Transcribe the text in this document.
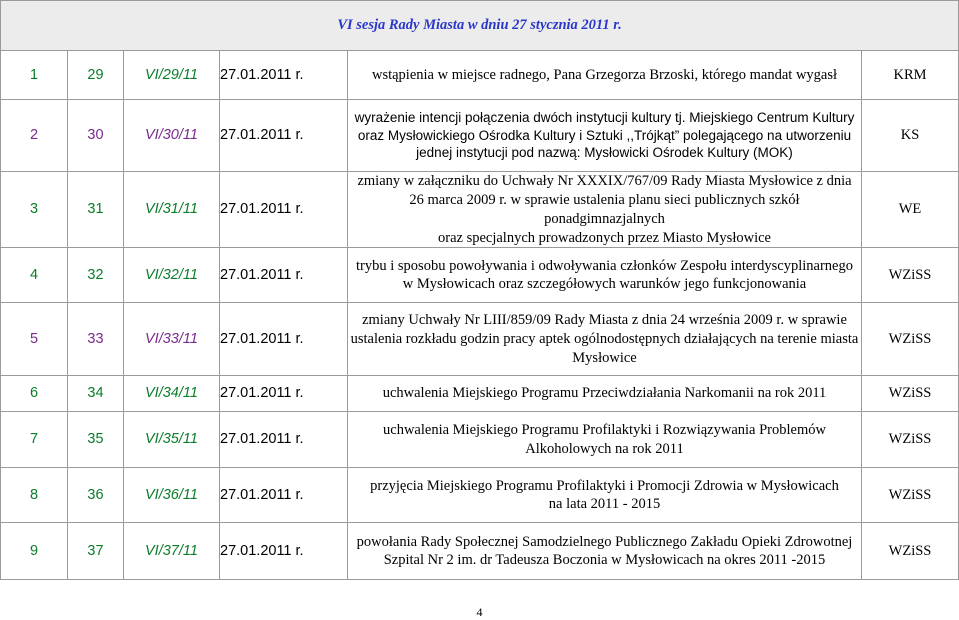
VI sesja Rady Miasta w dniu 27 stycznia 2011 r.					
1	29	VI/29/11	27.01.2011 r.	wstąpienia w miejsce radnego, Pana Grzegorza Brzoski, którego mandat wygasł	KRM
2	30	VI/30/11	27.01.2011 r.	wyrażenie intencji połączenia dwóch instytucji kultury tj. Miejskiego Centrum Kultury
oraz Mysłowickiego Ośrodka Kultury i Sztuki ,,Trójkąt” polegającego na utworzeniu
jednej instytucji pod nazwą: Mysłowicki Ośrodek Kultury (MOK)	KS
3	31	VI/31/11	27.01.2011 r.	zmiany w załączniku do Uchwały Nr XXXIX/767/09 Rady Miasta Mysłowice z dnia
26 marca 2009 r. w sprawie ustalenia planu sieci publicznych szkół ponadgimnazjalnych
oraz specjalnych prowadzonych przez Miasto Mysłowice	WE
4	32	VI/32/11	27.01.2011 r.	trybu i sposobu powoływania i odwoływania członków Zespołu interdyscyplinarnego
w Mysłowicach oraz szczegółowych warunków jego funkcjonowania	WZiSS
5	33	VI/33/11	27.01.2011 r.	zmiany Uchwały Nr LIII/859/09 Rady Miasta z dnia 24 września 2009 r. w sprawie
ustalenia rozkładu godzin pracy aptek ogólnodostępnych działających na terenie miasta
Mysłowice	WZiSS
6	34	VI/34/11	27.01.2011 r.	uchwalenia Miejskiego Programu Przeciwdziałania Narkomanii na rok 2011	WZiSS
7	35	VI/35/11	27.01.2011 r.	uchwalenia Miejskiego Programu Profilaktyki i Rozwiązywania Problemów
Alkoholowych na rok 2011	WZiSS
8	36	VI/36/11	27.01.2011 r.	przyjęcia Miejskiego Programu Profilaktyki i Promocji Zdrowia w Mysłowicach
na lata 2011 - 2015	WZiSS
9	37	VI/37/11	27.01.2011 r.	powołania Rady Społecznej Samodzielnego Publicznego Zakładu Opieki Zdrowotnej
Szpital Nr 2 im. dr Tadeusza Boczonia w Mysłowicach na okres 2011 -2015	WZiSS
4
